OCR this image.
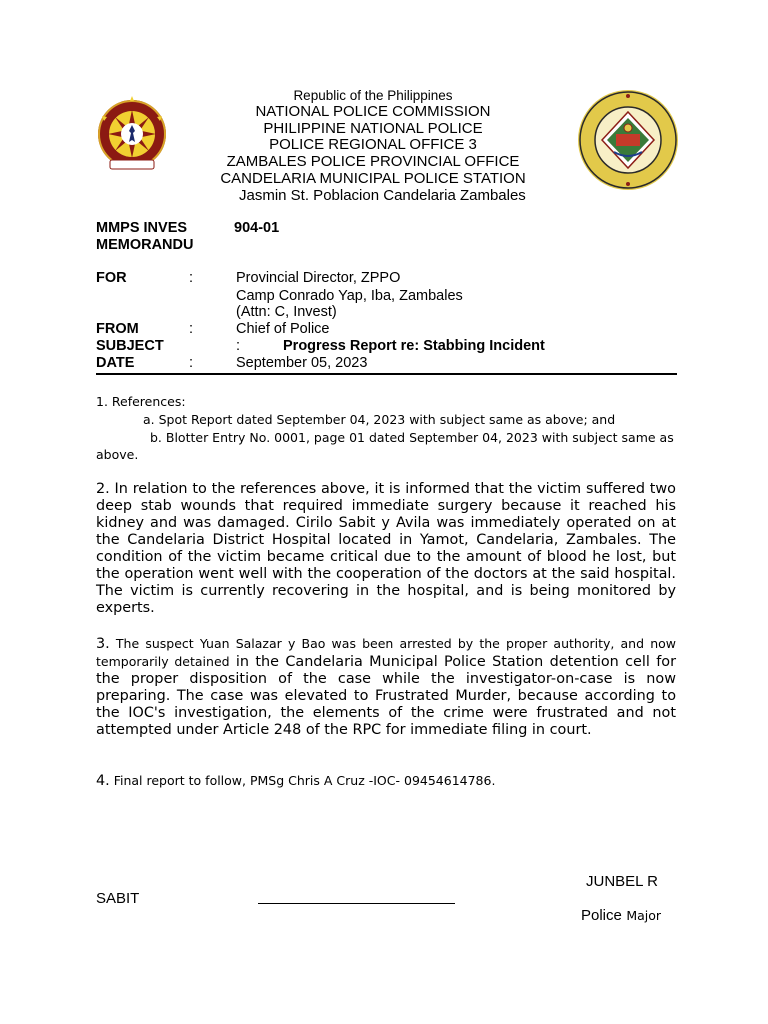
Republic of the Philippines
NATIONAL POLICE COMMISSION
PHILIPPINE NATIONAL POLICE
POLICE REGIONAL OFFICE 3
ZAMBALES POLICE PROVINCIAL OFFICE
CANDELARIA MUNICIPAL POLICE STATION
Jasmin St. Poblacion Candelaria Zambales
MMPS INVES
MEMORANDU
904-01
FOR	:	Provincial Director, ZPPO
Camp Conrado Yap, Iba, Zambales
(Attn: C, Invest)
FROM	:	Chief of Police
SUBJECT	:	Progress Report re: Stabbing Incident
DATE	:	September 05, 2023
1. References:
a. Spot Report dated September 04, 2023 with subject same as above; and
b. Blotter Entry No. 0001, page 01 dated September 04, 2023 with subject same as
above.
2. In relation to the references above, it is informed that the victim suffered two deep stab wounds that required immediate surgery because it reached his kidney and was damaged. Cirilo Sabit y Avila was immediately operated on at the Candelaria District Hospital located in Yamot, Candelaria, Zambales. The condition of the victim became critical due to the amount of blood he lost, but the operation went well with the cooperation of the doctors at the said hospital. The victim is currently recovering in the hospital, and is being monitored by experts.
3. The suspect Yuan Salazar y Bao was been arrested by the proper authority, and now temporarily detained in the Candelaria Municipal Police Station detention cell for the proper disposition of the case while the investigator-on-case is now preparing. The case was elevated to Frustrated Murder, because according to the IOC's investigation, the elements of the crime were frustrated and not attempted under Article 248 of the RPC for immediate filing in court.
4. Final report to follow, PMSg Chris A Cruz -IOC- 09454614786.
JUNBEL R
SABIT
Police Major
